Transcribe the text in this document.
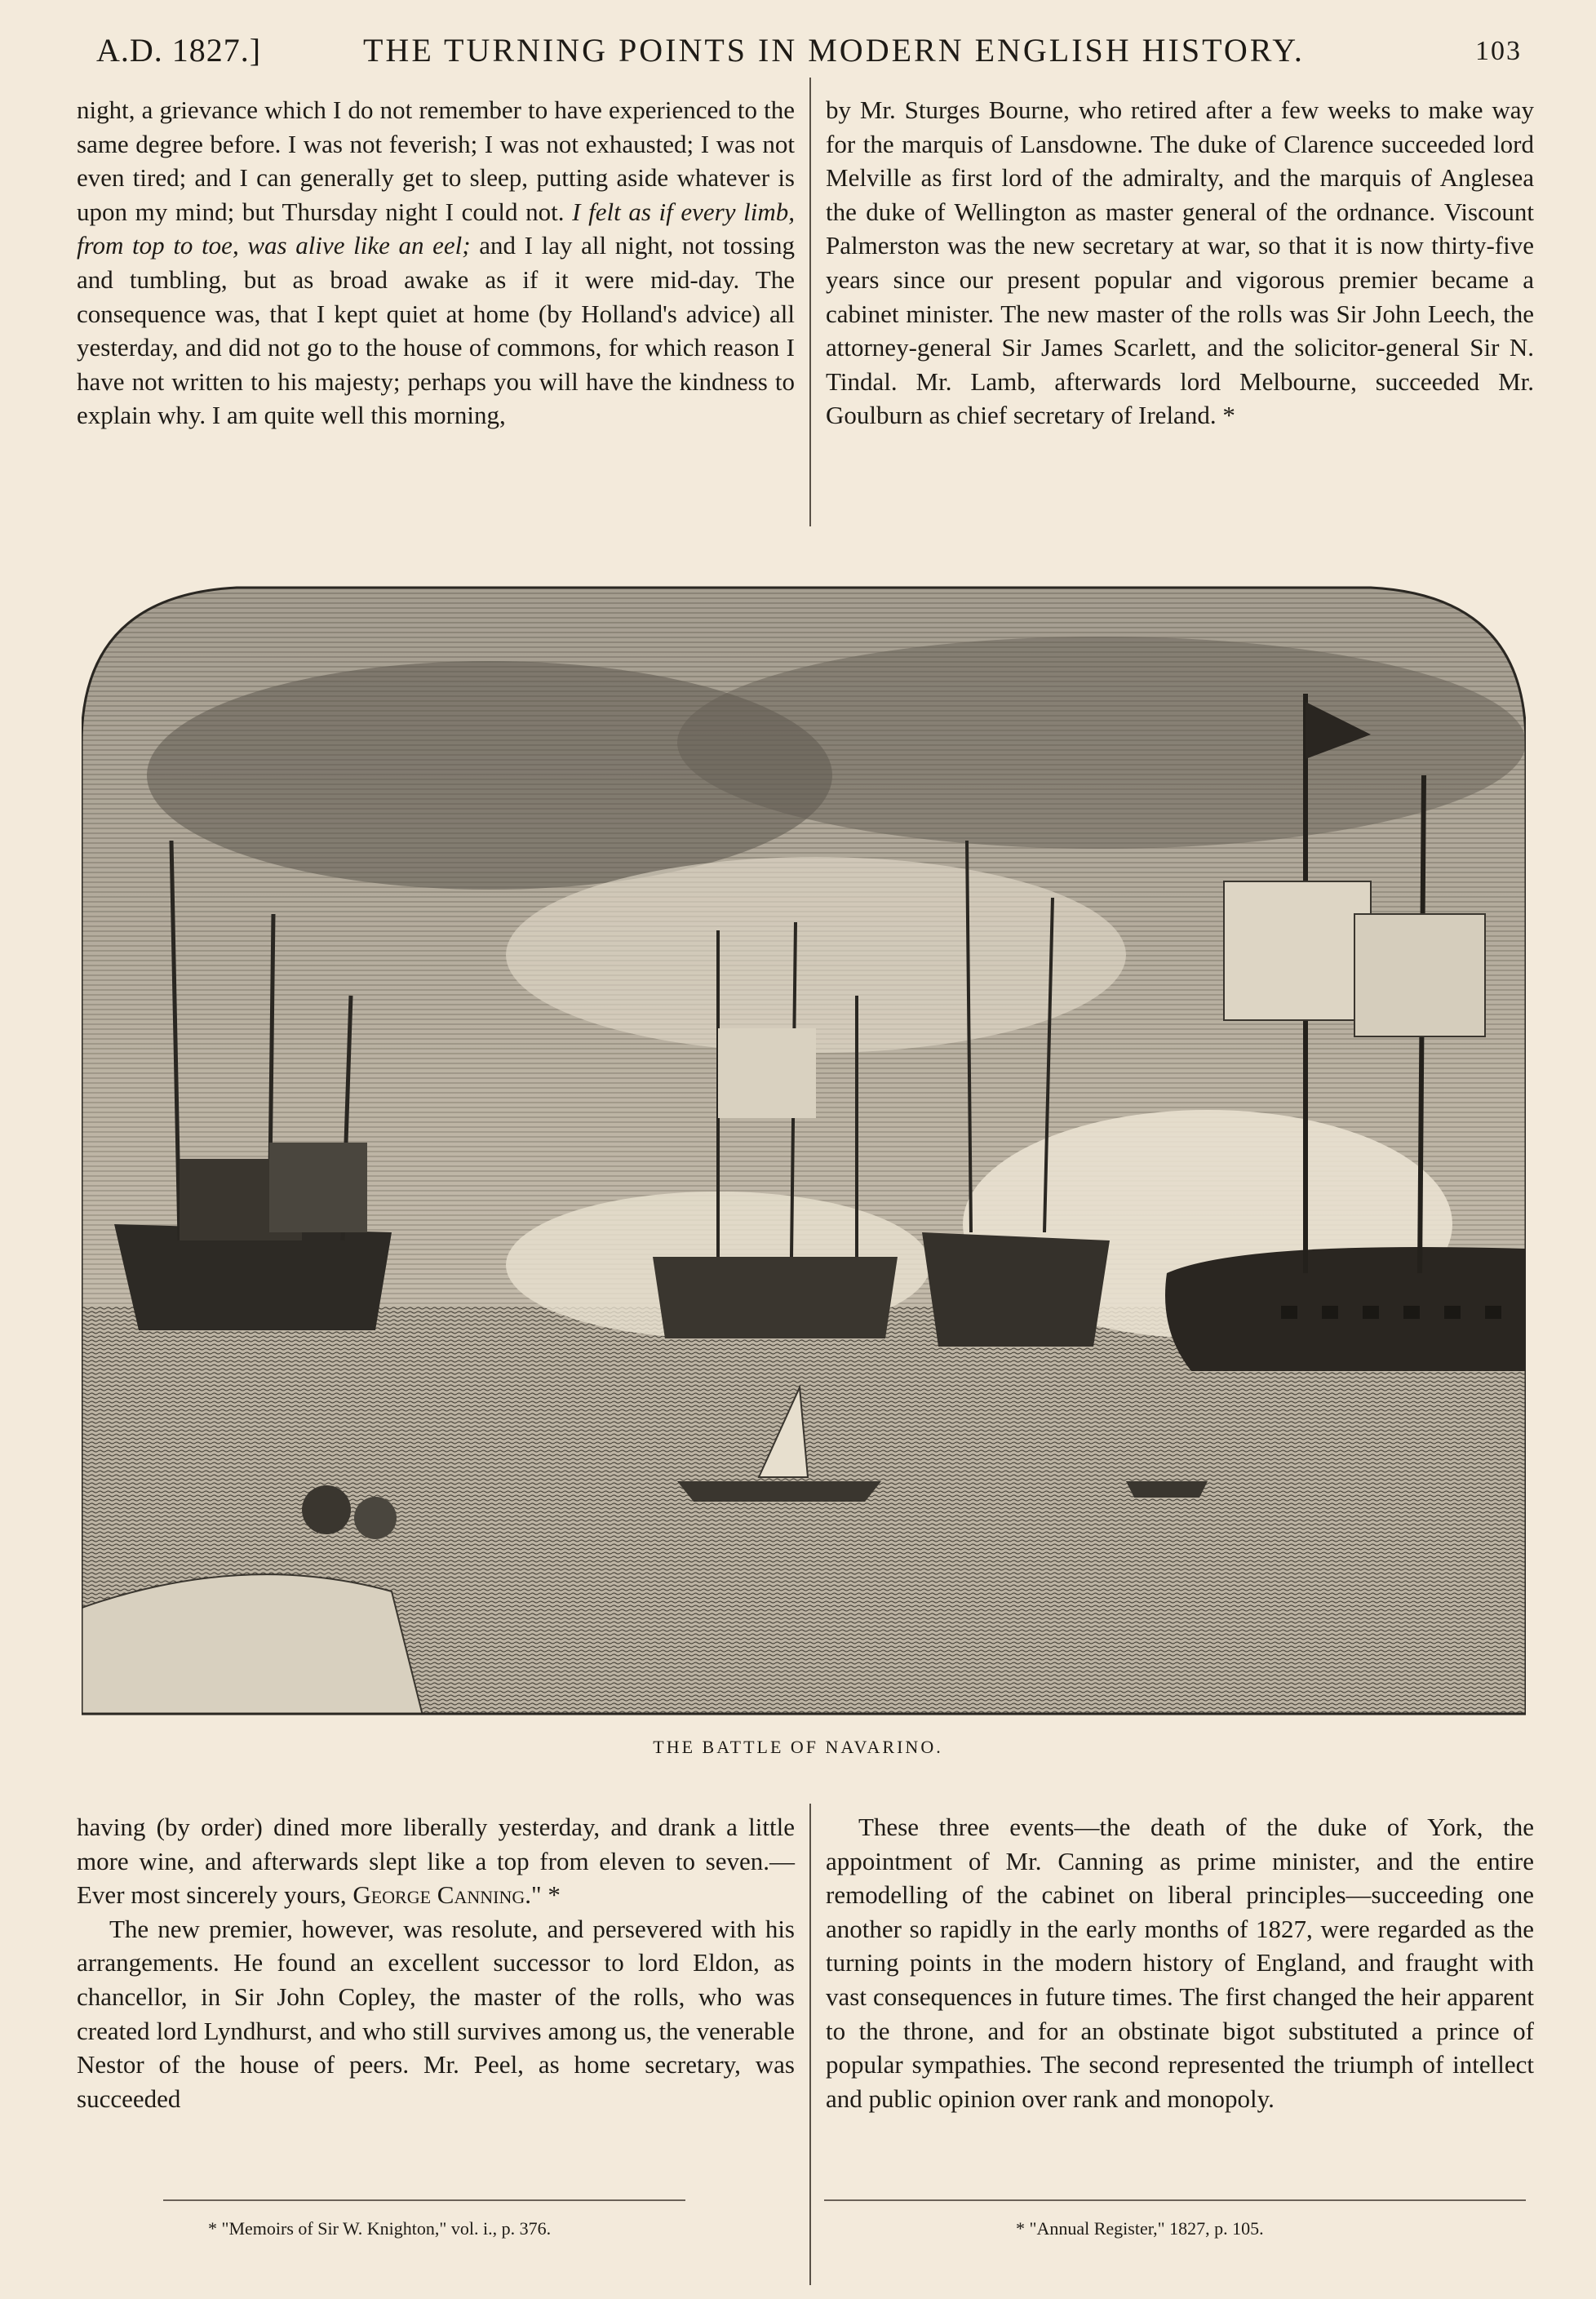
A.D. 1827.]	THE TURNING POINTS IN MODERN ENGLISH HISTORY.	103

night, a grievance which I do not remember to have experienced to the same degree before. I was not feverish; I was not exhausted; I was not even tired; and I can generally get to sleep, putting aside whatever is upon my mind; but Thursday night I could not. I felt as if every limb, from top to toe, was alive like an eel; and I lay all night, not tossing and tumbling, but as broad awake as if it were mid-day. The consequence was, that I kept quiet at home (by Holland's advice) all yesterday, and did not go to the house of commons, for which reason I have not written to his majesty; perhaps you will have the kindness to explain why. I am quite well this morning,

by Mr. Sturges Bourne, who retired after a few weeks to make way for the marquis of Lansdowne. The duke of Clarence succeeded lord Melville as first lord of the admiralty, and the marquis of Anglesea the duke of Wellington as master general of the ordnance. Viscount Palmerston was the new secretary at war, so that it is now thirty-five years since our present popular and vigorous premier became a cabinet minister. The new master of the rolls was Sir John Leech, the attorney-general Sir James Scarlett, and the solicitor-general Sir N. Tindal. Mr. Lamb, afterwards lord Melbourne, succeeded Mr. Goulburn as chief secretary of Ireland. *

THE BATTLE OF NAVARINO.

having (by order) dined more liberally yesterday, and drank a little more wine, and afterwards slept like a top from eleven to seven.—Ever most sincerely yours, George Canning." *

The new premier, however, was resolute, and persevered with his arrangements. He found an excellent successor to lord Eldon, as chancellor, in Sir John Copley, the master of the rolls, who was created lord Lyndhurst, and who still survives among us, the venerable Nestor of the house of peers. Mr. Peel, as home secretary, was succeeded

These three events—the death of the duke of York, the appointment of Mr. Canning as prime minister, and the entire remodelling of the cabinet on liberal principles—succeeding one another so rapidly in the early months of 1827, were regarded as the turning points in the modern history of England, and fraught with vast consequences in future times. The first changed the heir apparent to the throne, and for an obstinate bigot substituted a prince of popular sympathies. The second represented the triumph of intellect and public opinion over rank and monopoly.

* "Memoirs of Sir W. Knighton," vol. i., p. 376.	* "Annual Register," 1827, p. 105.
